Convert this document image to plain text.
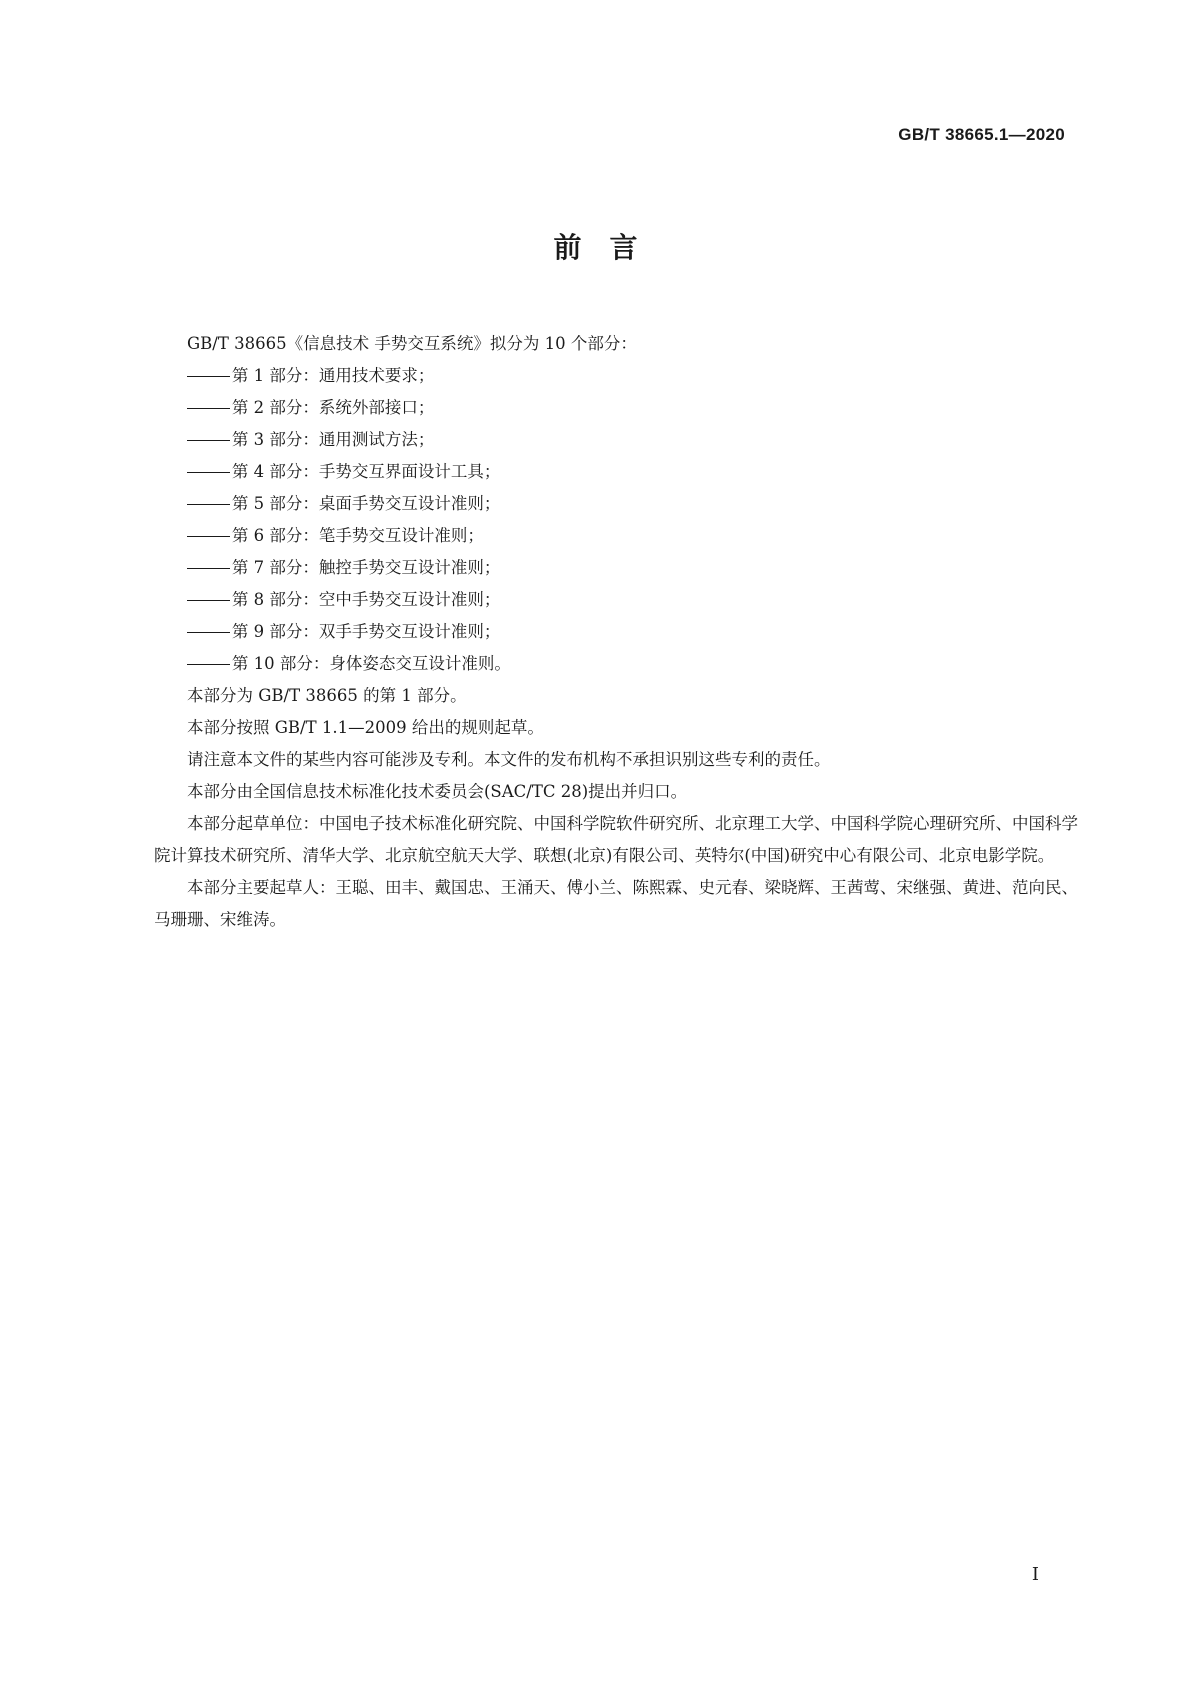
GB/T 38665.1—2020
前言

GB/T 38665《信息技术 手势交互系统》拟分为 10 个部分：

第 1 部分：通用技术要求；

第 2 部分：系统外部接口；

第 3 部分：通用测试方法；

第 4 部分：手势交互界面设计工具；

第 5 部分：桌面手势交互设计准则；

第 6 部分：笔手势交互设计准则；

第 7 部分：触控手势交互设计准则；

第 8 部分：空中手势交互设计准则；

第 9 部分：双手手势交互设计准则；

第 10 部分：身体姿态交互设计准则。

本部分为 GB/T 38665 的第 1 部分。

本部分按照 GB/T 1.1—2009 给出的规则起草。

请注意本文件的某些内容可能涉及专利。本文件的发布机构不承担识别这些专利的责任。

本部分由全国信息技术标准化技术委员会(SAC/TC 28)提出并归口。

本部分起草单位：中国电子技术标准化研究院、中国科学院软件研究所、北京理工大学、中国科学院心理研究所、中国科学院计算技术研究所、清华大学、北京航空航天大学、联想(北京)有限公司、英特尔(中国)研究中心有限公司、北京电影学院。

本部分主要起草人：王聪、田丰、戴国忠、王涌天、傅小兰、陈熙霖、史元春、梁晓辉、王茜莺、宋继强、黄进、范向民、马珊珊、宋维涛。

I
